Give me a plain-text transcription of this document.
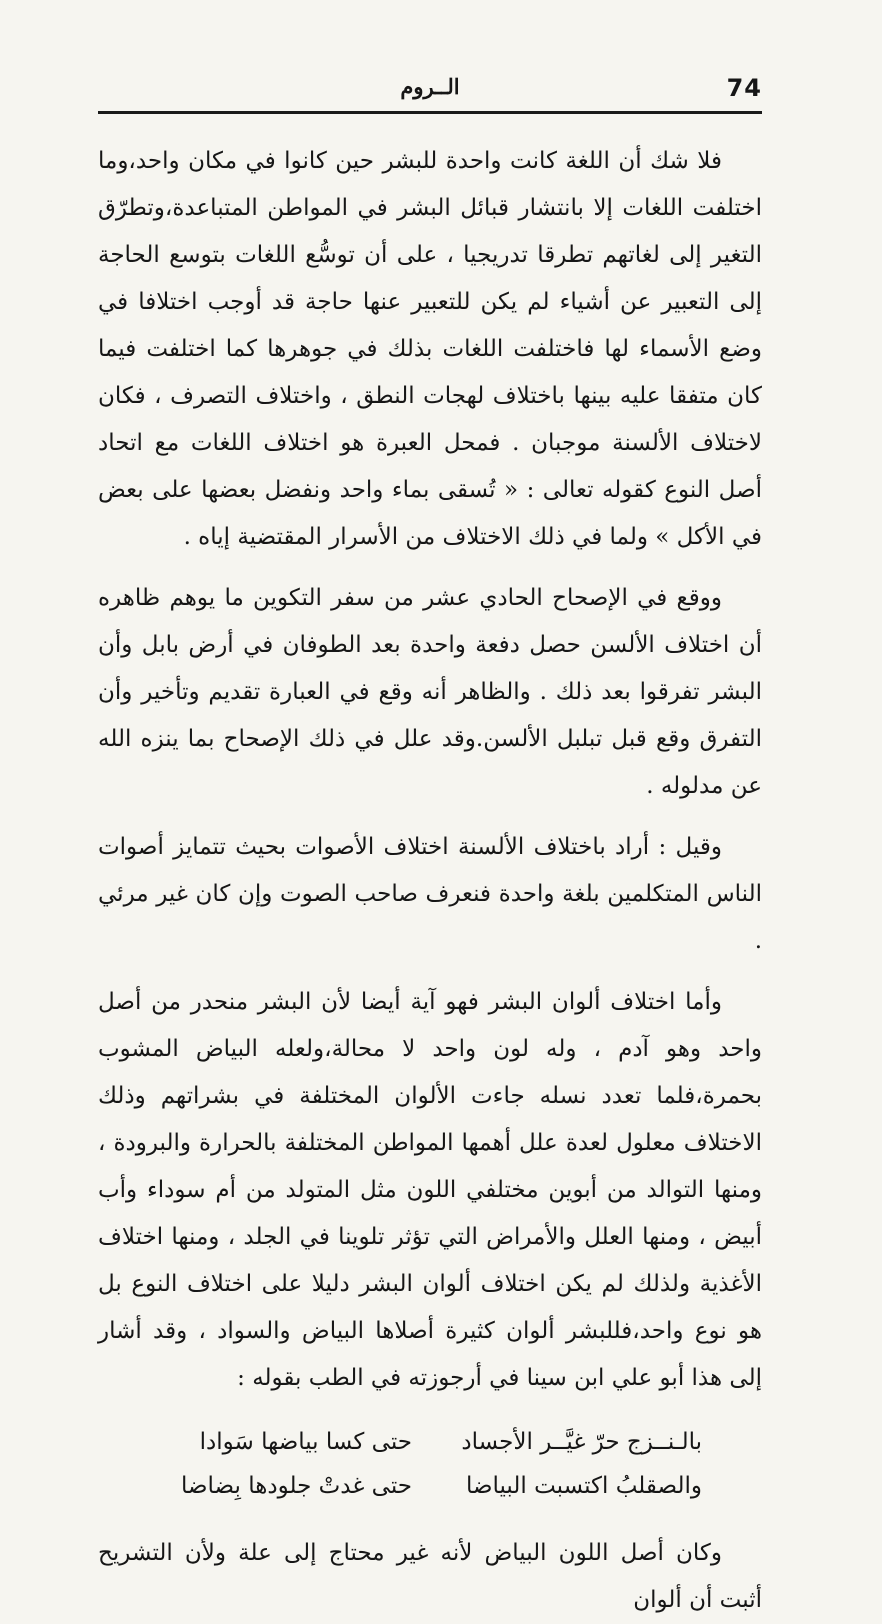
74
الــروم

فلا شك أن اللغة كانت واحدة للبشر حين كانوا في مكان واحد،وما اختلفت اللغات إلا بانتشار قبائل البشر في المواطن المتباعدة،وتطرّق التغير إلى لغاتهم تطرقا تدريجيا ، على أن توسُّع اللغات بتوسع الحاجة إلى التعبير عن أشياء لم يكن للتعبير عنها حاجة قد أوجب اختلافا في وضع الأسماء لها فاختلفت اللغات بذلك في جوهرها كما اختلفت فيما كان متفقا عليه بينها باختلاف لهجات النطق ، واختلاف التصرف ، فكان لاختلاف الألسنة موجبان . فمحل العبرة هو اختلاف اللغات مع اتحاد أصل النوع كقوله تعالى : « تُسقى بماء واحد ونفضل بعضها على بعض في الأكل » ولما في ذلك الاختلاف من الأسرار المقتضية إياه .

ووقع في الإصحاح الحادي عشر من سفر التكوين ما يوهم ظاهره أن اختلاف الألسن حصل دفعة واحدة بعد الطوفان في أرض بابل وأن البشر تفرقوا بعد ذلك . والظاهر أنه وقع في العبارة تقديم وتأخير وأن التفرق وقع قبل تبلبل الألسن.وقد علل في ذلك الإصحاح بما ينزه الله عن مدلوله .

وقيل : أراد باختلاف الألسنة اختلاف الأصوات بحيث تتمايز أصوات الناس المتكلمين بلغة واحدة فنعرف صاحب الصوت وإن كان غير مرئي .

وأما اختلاف ألوان البشر فهو آية أيضا لأن البشر منحدر من أصل واحد وهو آدم ، وله لون واحد لا محالة،ولعله البياض المشوب بحمرة،فلما تعدد نسله جاءت الألوان المختلفة في بشراتهم وذلك الاختلاف معلول لعدة علل أهمها المواطن المختلفة بالحرارة والبرودة ، ومنها التوالد من أبوين مختلفي اللون مثل المتولد من أم سوداء وأب أبيض ، ومنها العلل والأمراض التي تؤثر تلوينا في الجلد ، ومنها اختلاف الأغذية ولذلك لم يكن اختلاف ألوان البشر دليلا على اختلاف النوع بل هو نوع واحد،فللبشر ألوان كثيرة أصلاها البياض والسواد ، وقد أشار إلى هذا أبو علي ابن سينا في أرجوزته في الطب بقوله :

بالـنــزج حرّ غيَّــر الأجساد
حتى كسا بياضها سَوادا
والصقلبُ اكتسبت البياضا
حتى غدتْ جلودها بِضاضا

وكان أصل اللون البياض لأنه غير محتاج إلى علة ولأن التشريح أثبت أن ألوان
